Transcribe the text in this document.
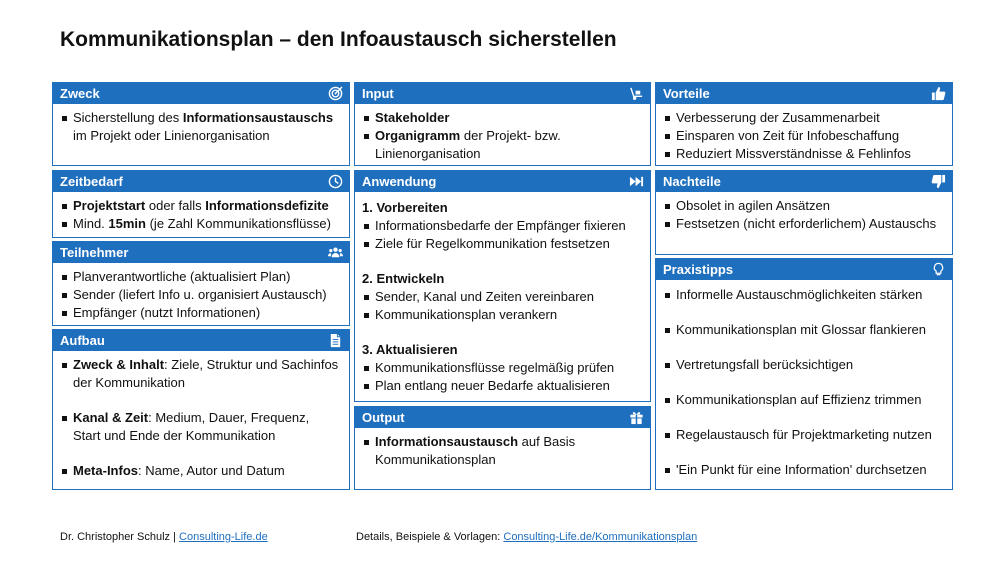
Kommunikationsplan – den Infoaustausch sicherstellen
Zweck
Sicherstellung des Informationsaustauschs
im Projekt oder Linienorganisation
Zeitbedarf
Projektstart oder falls Informationsdefizite
Mind. 15min (je Zahl Kommunikationsflüsse)
Teilnehmer
Planverantwortliche (aktualisiert Plan)
Sender (liefert Info u. organisiert Austausch)
Empfänger (nutzt Informationen)
Aufbau
Zweck & Inhalt: Ziele, Struktur und Sachinfos
der Kommunikation
Kanal & Zeit: Medium, Dauer, Frequenz,
Start und Ende der Kommunikation
Meta-Infos: Name, Autor und Datum
Input
Stakeholder
Organigramm der Projekt- bzw.
Linienorganisation
Anwendung
1. Vorbereiten
Informationsbedarfe der Empfänger fixieren
Ziele für Regelkommunikation festsetzen
2. Entwickeln
Sender, Kanal und Zeiten vereinbaren
Kommunikationsplan verankern
3. Aktualisieren
Kommunikationsflüsse regelmäßig prüfen
Plan entlang neuer Bedarfe aktualisieren
Output
Informationsaustausch auf Basis
Kommunikationsplan
Vorteile
Verbesserung der Zusammenarbeit
Einsparen von Zeit für Infobeschaffung
Reduziert Missverständnisse & Fehlinfos
Nachteile
Obsolet in agilen Ansätzen
Festsetzen (nicht erforderlichem) Austauschs
Praxistipps
Informelle Austauschmöglichkeiten stärken
Kommunikationsplan mit Glossar flankieren
Vertretungsfall berücksichtigen
Kommunikationsplan auf Effizienz trimmen
Regelaustausch für Projektmarketing nutzen
'Ein Punkt für eine Information' durchsetzen
Dr. Christopher Schulz | Consulting-Life.de	Details, Beispiele & Vorlagen: Consulting-Life.de/Kommunikationsplan
